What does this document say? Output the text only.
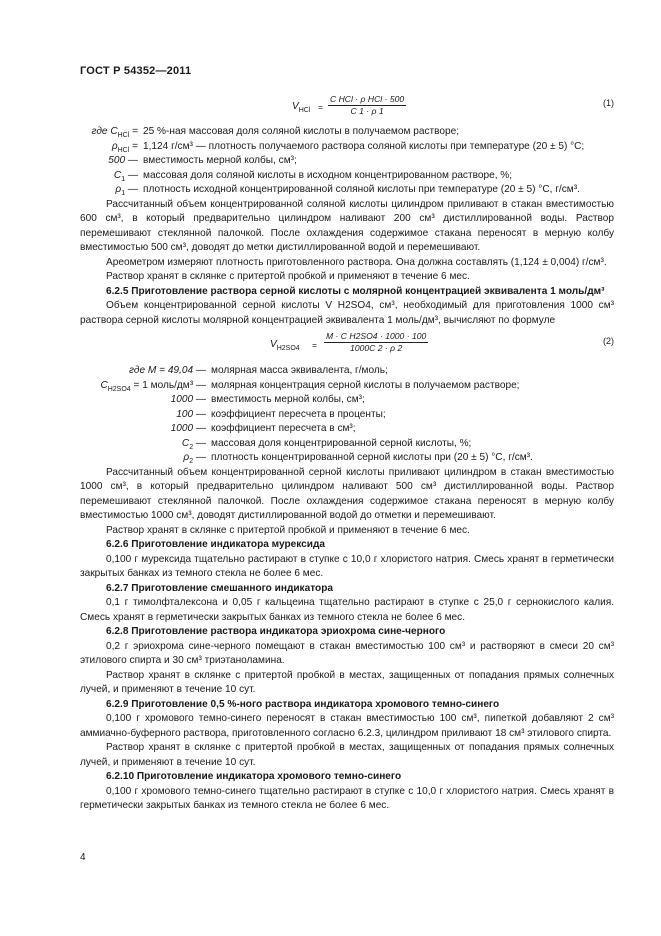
ГОСТ Р 54352—2011
$V_{HCl}$ =
C HCl · ρ HCl · 500
C 1 · ρ 1
(1)
где $C_{HCl} = 25$ %-ная массовая доля соляной кислоты в получаемом растворе;
$\rho_{HCl} = 1,124$ г/см³ — плотность получаемого раствора соляной кислоты при температуре (20 ± 5) °С;
500 — вместимость мерной колбы, см³;
$C_1$ — массовая доля соляной кислоты в исходном концентрированном растворе, %;
$\rho_1$ — плотность исходной концентрированной соляной кислоты при температуре (20 ± 5) °С, г/см³.
Рассчитанный объем концентрированной соляной кислоты цилиндром приливают в стакан вместимостью 600 см³, в который предварительно цилиндром наливают 200 см³ дистиллированной воды. Раствор перемешивают стеклянной палочкой. После охлаждения содержимое стакана переносят в мерную колбу вместимостью 500 см³, доводят до метки дистиллированной водой и перемешивают.
Ареометром измеряют плотность приготовленного раствора. Она должна составлять (1,124 ± 0,004) г/см³.
Раствор хранят в склянке с притертой пробкой и применяют в течение 6 мес.
6.2.5 Приготовление раствора серной кислоты с молярной концентрацией эквивалента 1 моль/дм³
Объем концентрированной серной кислоты V H2SO4, см³, необходимый для приготовления 1000 см³ раствора серной кислоты молярной концентрацией эквивалента 1 моль/дм³, вычисляют по формуле
$V_{H2SO4} = \frac{\text{M · C H2SO4 · 1000 · 100}}{1000C 2 \cdot \rho 2}$	(2)
где M = 49,04 — молярная масса эквивалента, г/моль;
$C_{H2SO4} = 1$ моль/дм³ — молярная концентрация серной кислоты в получаемом растворе;
1000 — вместимость мерной колбы, см³;
100 — коэффициент пересчета в проценты;
1000 — коэффициент пересчета в см³;
$C_2$ — массовая доля концентрированной серной кислоты, %;
$\rho_2$ — плотность концентрированной серной кислоты при (20 ± 5) °С, г/см³.
Рассчитанный объем концентрированной серной кислоты приливают цилиндром в стакан вместимостью 1000 см³, в который предварительно цилиндром наливают 500 см³ дистиллированной воды. Раствор перемешивают стеклянной палочкой. После охлаждения содержимое стакана переносят в мерную колбу вместимостью 1000 см³, доводят дистиллированной водой до отметки и перемешивают.
Раствор хранят в склянке с притертой пробкой и применяют в течение 6 мес.
6.2.6 Приготовление индикатора мурексида
0,100 г мурексида тщательно растирают в ступке с 10,0 г хлористого натрия. Смесь хранят в герметически закрытых банках из темного стекла не более 6 мес.
6.2.7 Приготовление смешанного индикатора
0,1 г тимолфталексона и 0,05 г кальцеина тщательно растирают в ступке с 25,0 г сернокислого калия. Смесь хранят в герметически закрытых банках из темного стекла не более 6 мес.
6.2.8 Приготовление раствора индикатора эриохрома сине-черного
0,2 г эриохрома сине-черного помещают в стакан вместимостью 100 см³ и растворяют в смеси 20 см³ этилового спирта и 30 см³ триэтаноламина.
Раствор хранят в склянке с притертой пробкой в местах, защищенных от попадания прямых солнечных лучей, и применяют в течение 10 сут.
6.2.9 Приготовление 0,5 %-ного раствора индикатора хромового темно-синего
0,100 г хромового темно-синего переносят в стакан вместимостью 100 см³, пипеткой добавляют 2 см³ аммиачно-буферного раствора, приготовленного согласно 6.2.3, цилиндром приливают 18 см³ этилового спирта.
Раствор хранят в склянке с притертой пробкой в местах, защищенных от попадания прямых солнечных лучей, и применяют в течение 10 сут.
6.2.10 Приготовление индикатора хромового темно-синего
0,100 г хромового темно-синего тщательно растирают в ступке с 10,0 г хлористого натрия. Смесь хранят в герметически закрытых банках из темного стекла не более 6 мес.
4
